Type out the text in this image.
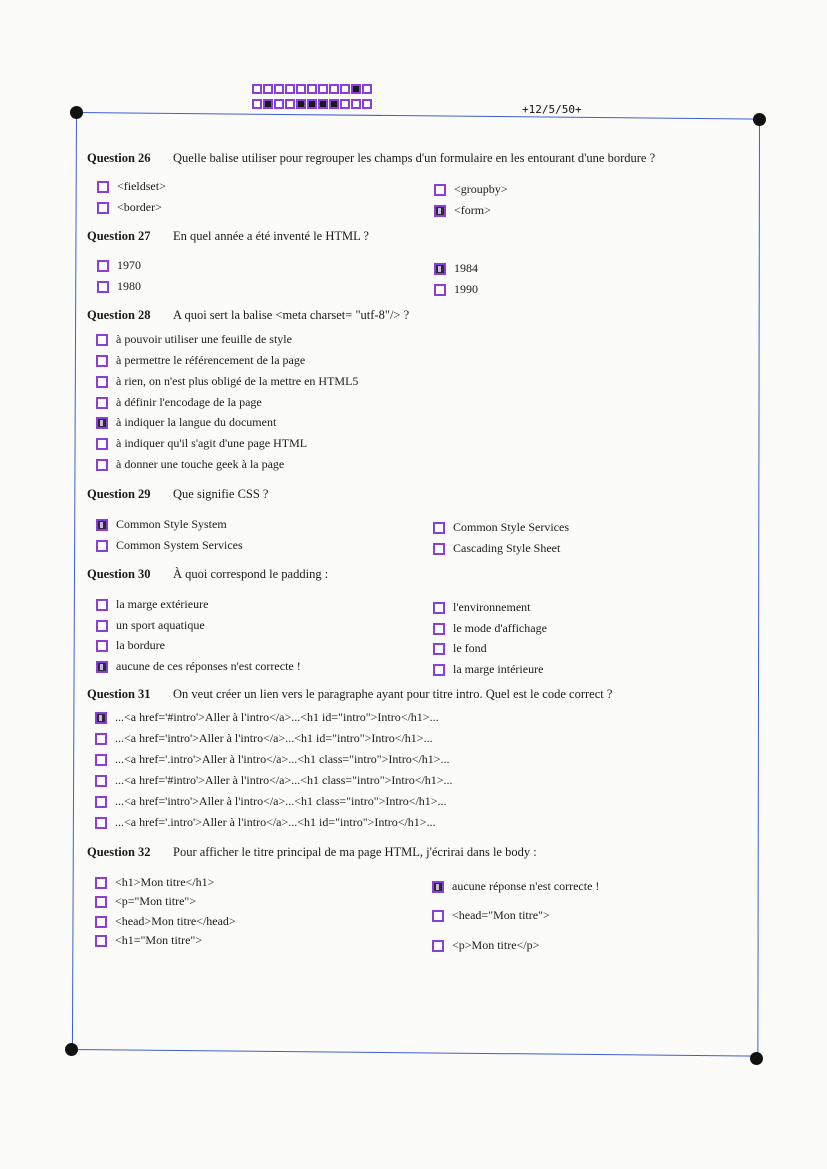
+12/5/50+
Question 26	Quelle balise utiliser pour regrouper les champs d'un formulaire en les entourant d'une bordure ?
<fieldset>
<border>
<groupby>
<form>
Question 27	En quel année a été inventé le HTML ?
1970
1980
1984
1990
Question 28	A quoi sert la balise <meta charset= "utf-8"/> ?
à pouvoir utiliser une feuille de style
à permettre le référencement de la page
à rien, on n'est plus obligé de la mettre en HTML5
à définir l'encodage de la page
à indiquer la langue du document
à indiquer qu'il s'agit d'une page HTML
à donner une touche geek à la page
Question 29	Que signifie CSS ?
Common Style System
Common System Services
Common Style Services
Cascading Style Sheet
Question 30	À quoi correspond le padding :
la marge extérieure
un sport aquatique
la bordure
aucune de ces réponses n'est correcte !
l'environnement
le mode d'affichage
le fond
la marge intérieure
Question 31	On veut créer un lien vers le paragraphe ayant pour titre intro. Quel est le code correct ?
...<a href='#intro'>Aller à l'intro</a>...<h1 id="intro">Intro</h1>...
...<a href='intro'>Aller à l'intro</a>...<h1 id="intro">Intro</h1>...
...<a href='.intro'>Aller à l'intro</a>...<h1 class="intro">Intro</h1>...
...<a href='#intro'>Aller à l'intro</a>...<h1 class="intro">Intro</h1>...
...<a href='intro'>Aller à l'intro</a>...<h1 class="intro">Intro</h1>...
...<a href='.intro'>Aller à l'intro</a>...<h1 id="intro">Intro</h1>...
Question 32	Pour afficher le titre principal de ma page HTML, j'écrirai dans le body :
<h1>Mon titre</h1>
<p="Mon titre">
<head>Mon titre</head>
<h1="Mon titre">
aucune réponse n'est correcte !
<head="Mon titre">
<p>Mon titre</p>
